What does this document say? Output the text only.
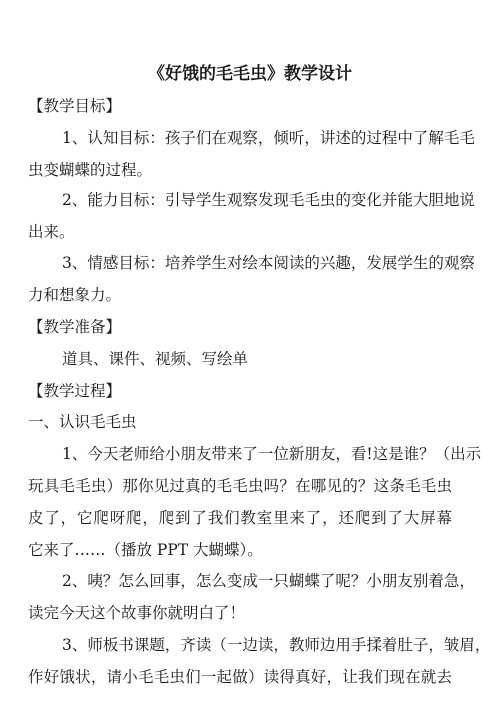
《好饿的毛毛虫》教学设计
【教学目标】
1、认知目标：孩子们在观察，倾听，讲述的过程中了解毛毛
虫变蝴蝶的过程。
2、能力目标：引导学生观察发现毛毛虫的变化并能大胆地说
出来。
3、情感目标：培养学生对绘本阅读的兴趣，发展学生的观察
力和想象力。
【教学准备】
道具、课件、视频、写绘单
【教学过程】
一、认识毛毛虫
1、今天老师给小朋友带来了一位新朋友，看!这是谁？（出示
玩具毛毛虫）那你见过真的毛毛虫吗？在哪见的？这条毛毛虫
皮了，它爬呀爬，爬到了我们教室里来了，还爬到了大屏幕
它来了……（播放 PPT 大蝴蝶）。
2、咦？怎么回事，怎么变成一只蝴蝶了呢？小朋友别着急，
读完今天这个故事你就明白了！
3、师板书课题，齐读（一边读，教师边用手揉着肚子，皱眉，
作好饿状，请小毛毛虫们一起做）读得真好，让我们现在就去
